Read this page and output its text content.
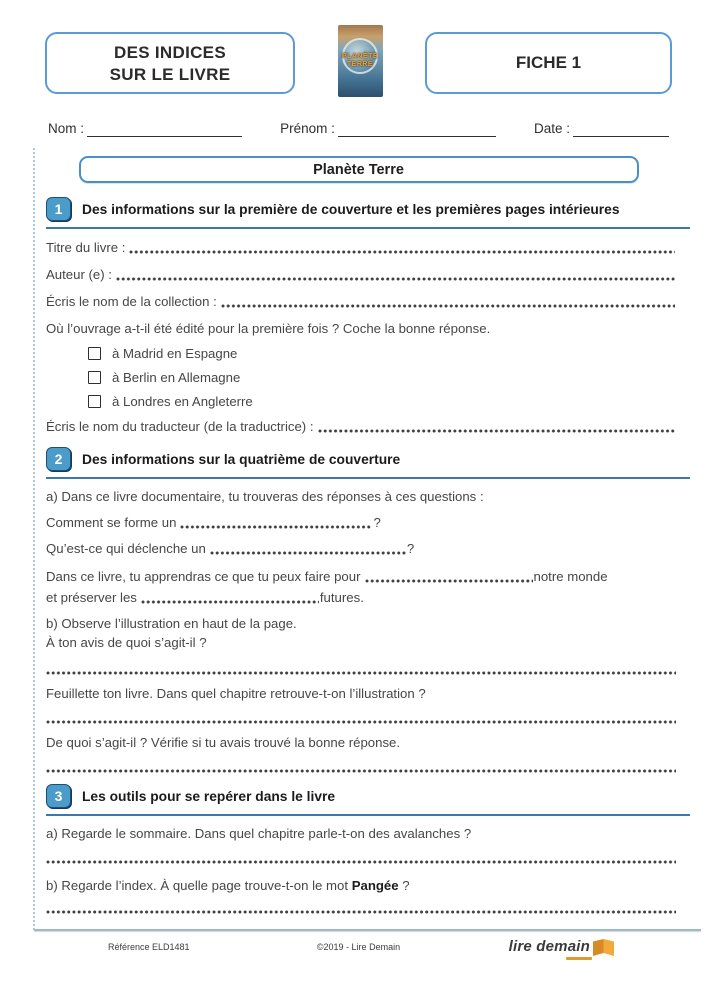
DES INDICES
SUR LE LIVRE
PLANÈTE
TERRE	FICHE 1
Nom :	Prénom :	Date :
Planète Terre
1	Des informations sur la première de couverture et les premières pages intérieures
Titre du livre :
Auteur (e) :
Écris le nom de la collection :
Où l’ouvrage a-t-il été édité pour la première fois ? Coche la bonne réponse.
à Madrid en Espagne
à Berlin en Allemagne
à Londres en Angleterre
Écris le nom du traducteur (de la traductrice) :
2	Des informations sur la quatrième de couverture
a) Dans ce livre documentaire, tu trouveras des réponses à ces questions :
Comment se forme un	?
Qu’est-ce qui déclenche un	?
Dans ce livre, tu apprendras ce que tu peux faire pour	notre monde
et préserver les	futures.
b) Observe l’illustration en haut de la page.
À ton avis de quoi s’agit-il ?
Feuillette ton livre. Dans quel chapitre retrouve-t-on l’illustration ?
De quoi s’agit-il ? Vérifie si tu avais trouvé la bonne réponse.
3	Les outils pour se repérer dans le livre
a) Regarde le sommaire. Dans quel chapitre parle-t-on des avalanches ?
b) Regarde l’index. À quelle page trouve-t-on le mot Pangée ?
Référence ELD1481	©2019 - Lire Demain	lire demain
